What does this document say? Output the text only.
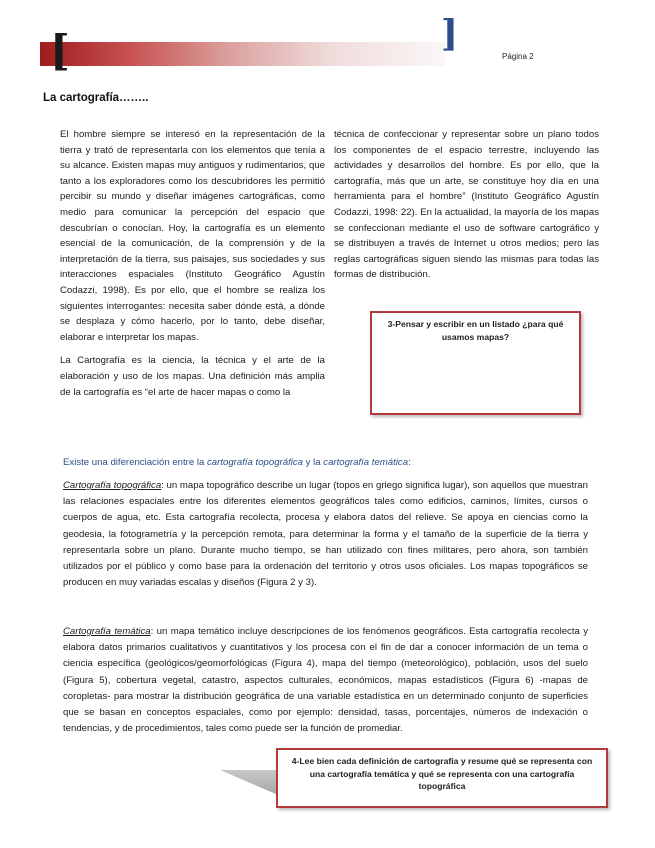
[	]
Página 2
La cartografía……..

El hombre siempre se interesó en la representación de la tierra y trató de representarla con los elementos que tenía a su alcance. Existen mapas muy antiguos y rudimentarios, que tanto a los exploradores como los descubridores les permitió percibir su mundo y diseñar imágenes cartográficas, como medio para comunicar la percepción del espacio que descubrían o conocían. Hoy, la cartografía es un elemento esencial de la comunicación, de la comprensión y de la interpretación de la tierra, sus paisajes, sus sociedades y sus interacciones espaciales (Instituto Geográfico Agustín Codazzi, 1998). Es por ello, que el hombre se realiza los siguientes interrogantes: necesita saber dónde está, a dónde se desplaza y cómo hacerlo, por lo tanto, debe diseñar, elaborar e interpretar los mapas.

La Cartografía es la ciencia, la técnica y el arte de la elaboración y uso de los mapas. Una definición más amplia de la cartografía es “el arte de hacer mapas o como la

técnica de confeccionar y representar sobre un plano todos los componentes de el espacio terrestre, incluyendo las actividades y desarrollos del hombre. Es por ello, que la cartografía, más que un arte, se constituye hoy día en una herramienta para el hombre” (Instituto Geográfico Agustín Codazzi, 1998: 22). En la actualidad, la mayoría de los mapas se confeccionan mediante el uso de software cartográfico y se distribuyen a través de Internet u otros medios; pero las reglas cartográficas siguen siendo las mismas para todas las formas de distribución.

3-Pensar y escribir en un listado ¿para qué usamos mapas?

Existe una diferenciación entre la cartografía topográfica y la cartografía temática:

Cartografía topográfica: un mapa topográfico describe un lugar (topos en griego significa lugar), son aquellos que muestran las relaciones espaciales entre los diferentes elementos geográficos tales como edificios, caminos, límites, cursos o cuerpos de agua, etc. Esta cartografía recolecta, procesa y elabora datos del relieve. Se apoya en ciencias como la geodesia, la fotogrametría y la percepción remota, para determinar la forma y el tamaño de la superficie de la tierra y representarla sobre un plano. Durante mucho tiempo, se han utilizado con fines militares, pero ahora, son también utilizados por el público y como base para la ordenación del territorio y otros usos oficiales. Los mapas topográficos se producen en muy variadas escalas y diseños (Figura 2 y 3).

Cartografía temática: un mapa temático incluye descripciones de los fenómenos geográficos. Esta cartografía recolecta y elabora datos primarios cualitativos y cuantitativos y los procesa con el fin de dar a conocer información de un tema o ciencia específica (geológicos/geomorfológicas (Figura 4), mapa del tiempo (meteorológico), población, usos del suelo (Figura 5), cobertura vegetal, catastro, aspectos culturales, económicos, mapas estadísticos (Figura 6) -mapas de coropletas- para mostrar la distribución geográfica de una variable estadística en un determinado conjunto de superficies que se basan en conceptos espaciales, como por ejemplo: densidad, tasas, porcentajes, números de indexación o tendencias, y de procedimientos, tales como puede ser la función de promediar.

4-Lee bien cada definición de cartografía y resume qué se representa con una cartografía temática y qué se representa con una cartografía topográfica
